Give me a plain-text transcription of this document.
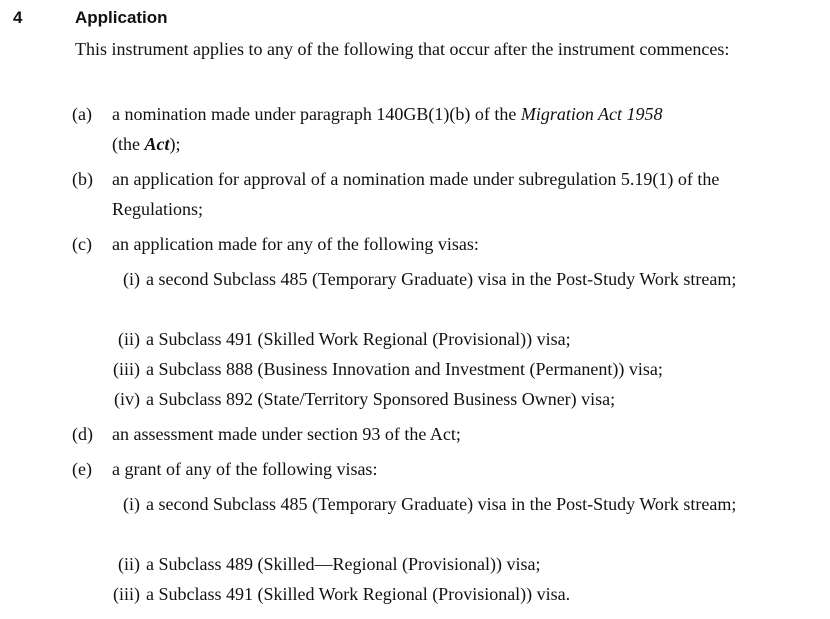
4	Application
This instrument applies to any of the following that occur after the instrument commences:
(a)	a nomination made under paragraph 140GB(1)(b) of the Migration Act 1958
(the Act);
(b)	an application for approval of a nomination made under subregulation 5.19(1) of the Regulations;
(c)	an application made for any of the following visas:
(i) a second Subclass 485 (Temporary Graduate) visa in the Post-Study Work stream;
(ii) a Subclass 491 (Skilled Work Regional (Provisional)) visa;
(iii) a Subclass 888 (Business Innovation and Investment (Permanent)) visa;
(iv) a Subclass 892 (State/Territory Sponsored Business Owner) visa;
(d)	an assessment made under section 93 of the Act;
(e)	a grant of any of the following visas:
(i) a second Subclass 485 (Temporary Graduate) visa in the Post-Study Work stream;
(ii) a Subclass 489 (Skilled—Regional (Provisional)) visa;
(iii) a Subclass 491 (Skilled Work Regional (Provisional)) visa.
